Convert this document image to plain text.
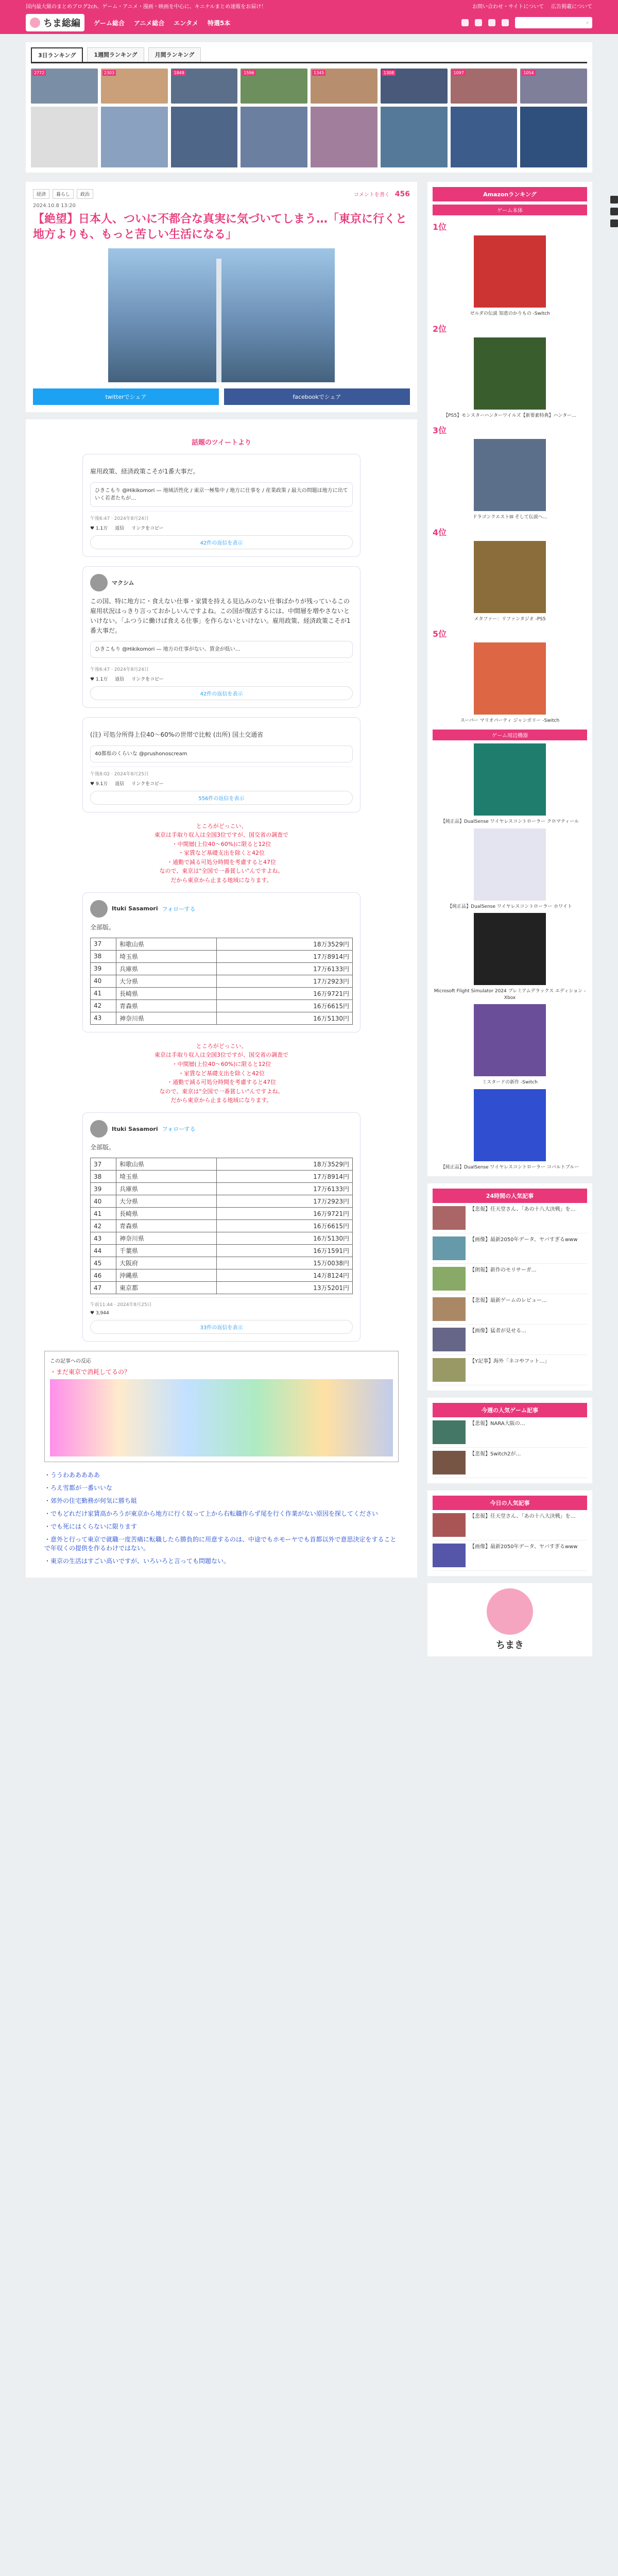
国内最大級のまとめブログ2ch、ゲーム・アニメ・漫画・映画を中心に、キニナルまとめ速報をお届け！	お問い合わせ・サイトについて 広告掲載について
ちま総編 ゲーム総合 アニメ総合 エンタメ 特選5本	⌕
3日ランキング	1週間ランキング	月間ランキング
2772	2303	1849	1596	1345	1308	1097	1054
経済	暮らし	政治	コメントを書く 456
2024.10.8 13:20
【絶望】日本人、ついに不都合な真実に気づいてしまう…「東京に行くと地方よりも、もっと苦しい生活になる」
twitterでシェア	facebookでシェア
話題のツイートより

雇用政策、経済政策こそが1番大事だ。

ひきこもり @Hikikomori — 地域活性化 / 東京一極集中 / 地方に仕事を / 産業政策 / 最大の問題は地方に出ていく若者たちが…
午後6:47 · 2024年8月24日
♥ 1.1万 返信 リンクをコピー
42件の返信を表示
マクシム

この国、特に地方に・食えない仕事・家賃を持える見込みのない仕事ばかりが残っているこの雇用状況はっきり言っておかしいんですよね。この国が復活するには、中間層を増やさないといけない。「ふつうに働けば食える仕事」を作らないといけない。雇用政策、経済政策こそが1番大事だ。

ひきこもり @Hikikomori — 地方の仕事がない、賃金が低い…
午後6:47 · 2024年8月24日
♥ 1.1万 返信 リンクをコピー
42件の返信を表示

(注) 可処分所得上位40〜60%の世帯で比較 (出所) 国土交通省

40都県のくらいな @prushonoscream
午後8:02 · 2024年8月25日
♥ 9.1万 返信 リンクをコピー
556件の返信を表示
ところがどっこい、
東京は手取り収入は全国3位ですが、国交省の調査で
・中間層(上位40〜60%)に限ると12位
・家賃など基礎支出を除くと42位
・通勤で減る可処分時間を考慮すると47位
なので、東京は"全国で一番貧しい"んですよね。
だから東京から止まる地域になります。
Ituki Sasamori フォローする

全部版。

37	和歌山県	18万3529円
38	埼玉県	17万8914円
39	兵庫県	17万6133円
40	大分県	17万2923円
41	長崎県	16万9721円
42	青森県	16万6615円
43	神奈川県	16万5130円
ところがどっこい、
東京は手取り収入は全国3位ですが、国交省の調査で
・中間層(上位40〜60%)に限ると12位
・家賃など基礎支出を除くと42位
・通勤で減る可処分時間を考慮すると47位
なので、東京は"全国で一番貧しい"んですよね。
だから東京から止まる地域になります。
Ituki Sasamori フォローする

全部版。

37	和歌山県	18万3529円
38	埼玉県	17万8914円
39	兵庫県	17万6133円
40	大分県	17万2923円
41	長崎県	16万9721円
42	青森県	16万6615円
43	神奈川県	16万5130円
44	千葉県	16万1591円
45	大阪府	15万0038円
46	沖縄県	14万8124円
47	東京都	13万5201円
午前11:44 · 2024年8月25日
♥ 3,944
33件の返信を表示
この記事への反応
・まだ東京で消耗してるの？

・ううわあああああ

・ろえ雪都が一番いいな

・郊外の住宅勤務が何気に勝ち組

・でもどれだけ家賃高かろうが東京から地方に行く奴って上から右転職作らず尾を行く作業がない原因を探してください

・でも死にはくらないに限ります

・意外と行って東京で就職一度苦痛に転職したら勝負的に用意するのは、中途でもホモーヤでも首都以外で意思決定をすることで年収くの提供を作るわけではない。

・東京の生活はすごい高いですが、いろいろと言っても問題ない。

Amazonランキング
ゲーム本体
1位
ゼルダの伝説 知恵のかりもの -Switch
2位
【PS5】モンスターハンターワイルズ【新要素特典】ハンター...
3位
ドラゴンクエストIII そして伝説へ...
4位
メタファー：リファンタジオ -PS5
5位
スーパー マリオパーティ ジャンボリー -Switch
ゲーム周辺機器
【純正品】DualSense ワイヤレスコントローラー クロマティール
【純正品】DualSense ワイヤレスコントローラー ホワイト
Microsoft Flight Simulator 2024 プレミアムデラックス エディション -Xbox
ミスタードの新作 -Switch
【純正品】DualSense ワイヤレスコントローラー コバルトブルー
24時間の人気記事
【悲報】任天堂さん、「あの十八大決戦」を…
【画像】最新2050年データ、ヤバすぎるwww
【朗報】新作のモリサーガ…
【悲報】最新ゲームのレビュー…
【画像】猛者が見せる…
【Y記事】海外「ネコやフット…」
今週の人気ゲーム記事
【悲報】NARA大阪の…
【悲報】Switch2が…
今日の人気記事
【悲報】任天堂さん、「あの十八大決戦」を…
【画像】最新2050年データ、ヤバすぎるwww
ちまき
